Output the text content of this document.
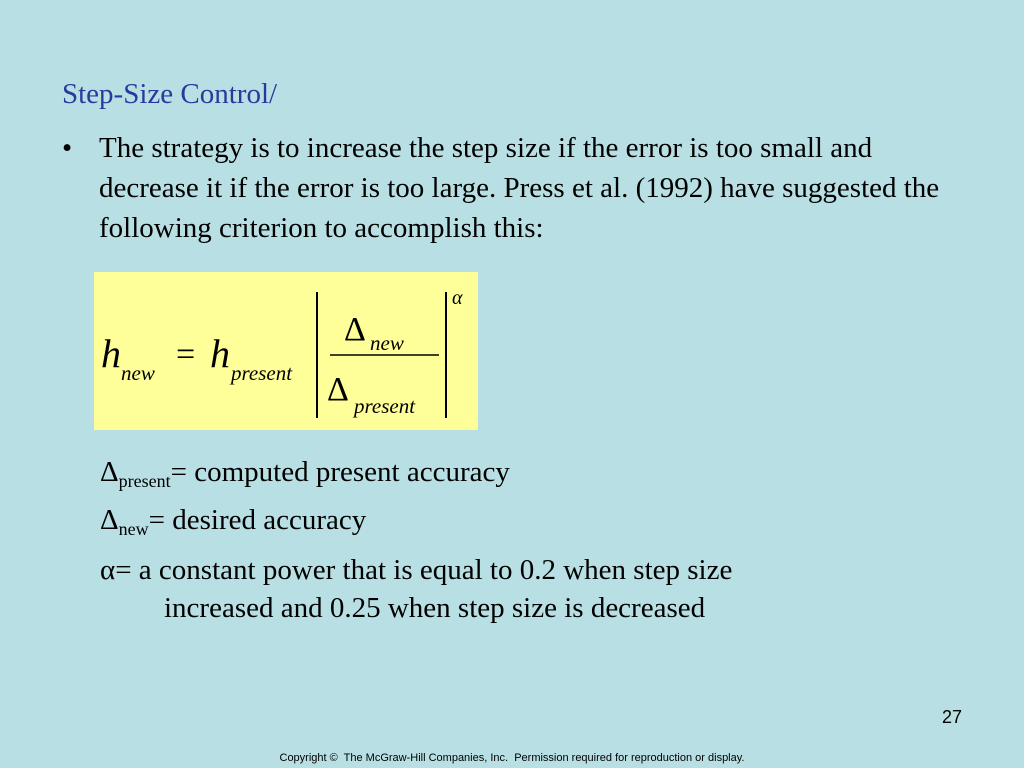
Step-Size Control/
• The strategy is to increase the step size if the error is too small and decrease it if the error is too large. Press et al. (1992) have suggested the following criterion to accomplish this:
h new = h present
Δ new
Δ present
α
$\Delta_{present}=$ computed present accuracy
$\Delta_{new}=$ desired accuracy
α= a constant power that is equal to 0.2 when step size
increased and 0.25 when step size is decreased
27
Copyright ©  The McGraw-Hill Companies, Inc.  Permission required for reproduction or display.
